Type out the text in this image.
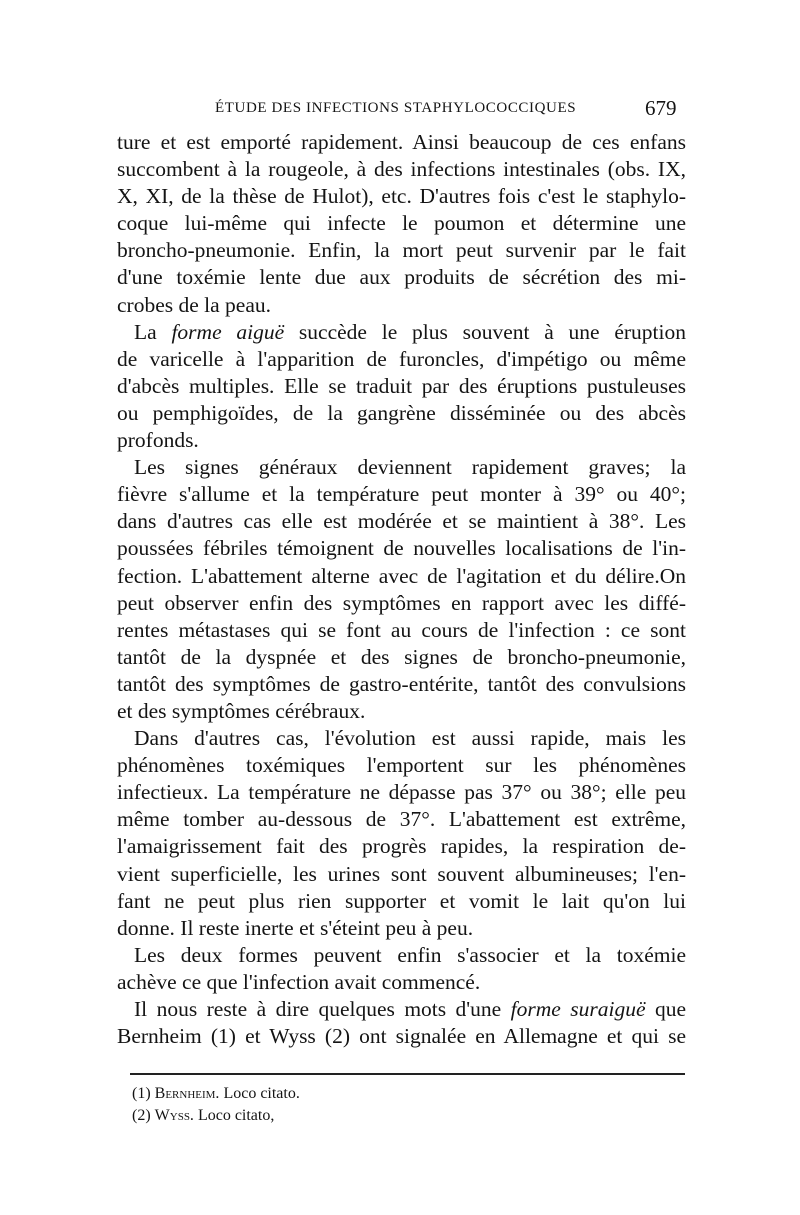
ÉTUDE DES INFECTIONS STAPHYLOCOCCIQUES	679
ture et est emporté rapidement. Ainsi beaucoup de ces enfans
succombent à la rougeole, à des infections intestinales (obs. IX,
X, XI, de la thèse de Hulot), etc. D'autres fois c'est le staphylo-
coque lui-même qui infecte le poumon et détermine une
broncho-pneumonie. Enfin, la mort peut survenir par le fait
d'une toxémie lente due aux produits de sécrétion des mi-
crobes de la peau.
La forme aiguë succède le plus souvent à une éruption
de varicelle à l'apparition de furoncles, d'impétigo ou même
d'abcès multiples. Elle se traduit par des éruptions pustuleuses
ou pemphigoïdes, de la gangrène disséminée ou des abcès
profonds.
Les signes généraux deviennent rapidement graves; la
fièvre s'allume et la température peut monter à 39° ou 40°;
dans d'autres cas elle est modérée et se maintient à 38°. Les
poussées fébriles témoignent de nouvelles localisations de l'in-
fection. L'abattement alterne avec de l'agitation et du délire.On
peut observer enfin des symptômes en rapport avec les diffé-
rentes métastases qui se font au cours de l'infection : ce sont
tantôt de la dyspnée et des signes de broncho-pneumonie,
tantôt des symptômes de gastro-entérite, tantôt des convulsions
et des symptômes cérébraux.
Dans d'autres cas, l'évolution est aussi rapide, mais les
phénomènes toxémiques l'emportent sur les phénomènes
infectieux. La température ne dépasse pas 37° ou 38°; elle peu
même tomber au-dessous de 37°. L'abattement est extrême,
l'amaigrissement fait des progrès rapides, la respiration de-
vient superficielle, les urines sont souvent albumineuses; l'en-
fant ne peut plus rien supporter et vomit le lait qu'on lui
donne. Il reste inerte et s'éteint peu à peu.
Les deux formes peuvent enfin s'associer et la toxémie
achève ce que l'infection avait commencé.
Il nous reste à dire quelques mots d'une forme suraiguë que
Bernheim (1) et Wyss (2) ont signalée en Allemagne et qui se
(1) Bernheim. Loco citato.
(2) Wyss. Loco citato,
